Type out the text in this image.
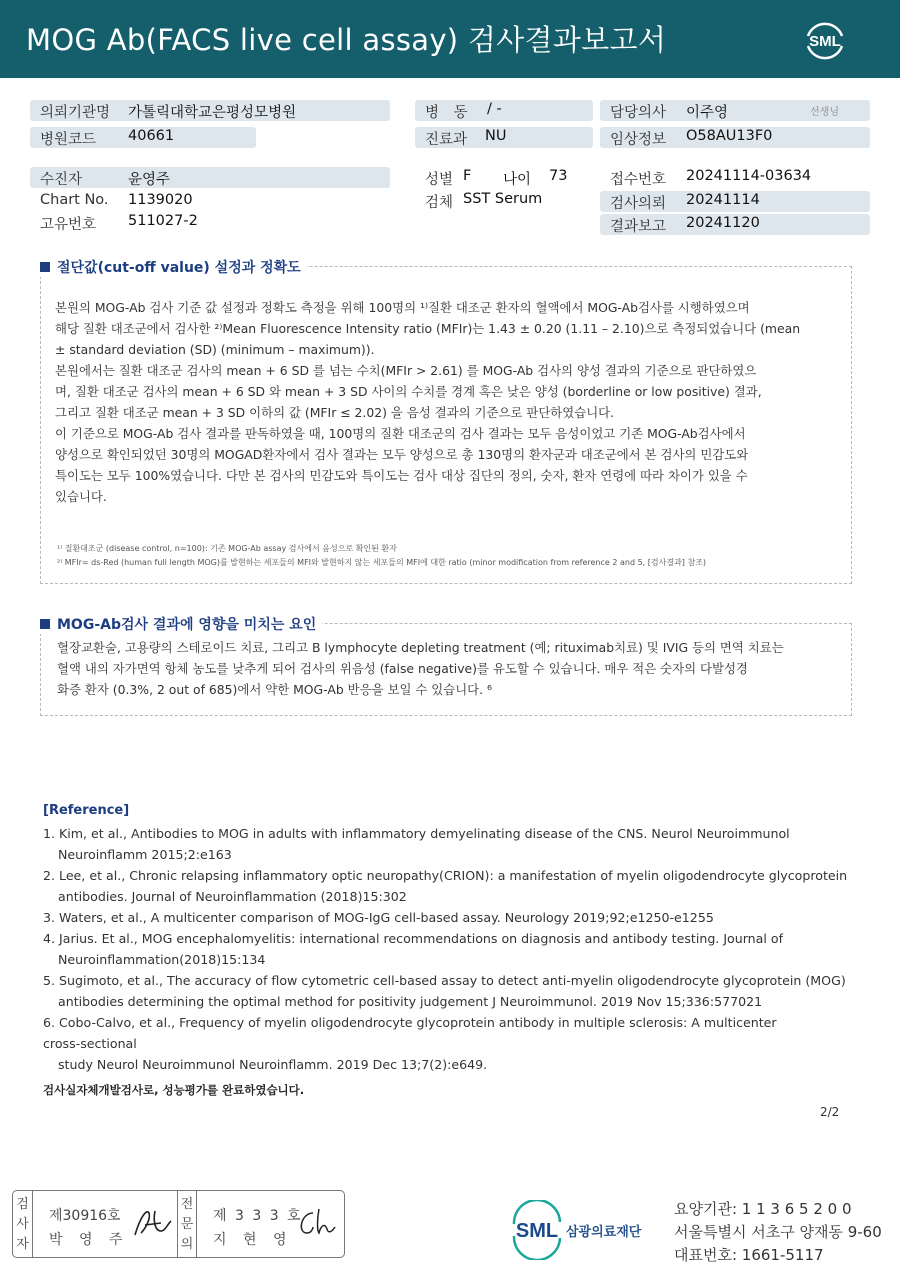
MOG Ab(FACS live cell assay) 검사결과보고서	SML
의뢰기관명 가톨릭대학교은평성모병원
병원코드 40661
병 동 / -
진료과 NU
담당의사 이주영	선생님
임상정보 O58AU13F0
수진자	윤영주
Chart No. 1139020
고유번호 511027-2
성별 F 나이 73
검체 SST Serum
접수번호 20241114-03634
검사의뢰 20241114
결과보고 20241120
절단값(cut-off value) 설정과 정확도

본원의 MOG-Ab 검사 기준 값 설정과 정확도 측정을 위해 100명의 ¹⁾질환 대조군 환자의 혈액에서 MOG-Ab검사를 시행하였으며

해당 질환 대조군에서 검사한 ²⁾Mean Fluorescence Intensity ratio (MFIr)는 1.43 ± 0.20 (1.11 – 2.10)으로 측정되었습니다 (mean

± standard deviation (SD) (minimum – maximum)).

본원에서는 질환 대조군 검사의 mean + 6 SD 를 넘는 수치(MFIr > 2.61) 를 MOG-Ab 검사의 양성 결과의 기준으로 판단하였으

며, 질환 대조군 검사의 mean + 6 SD 와 mean + 3 SD 사이의 수치를 경계 혹은 낮은 양성 (borderline or low positive) 결과,

그리고 질환 대조군 mean + 3 SD 이하의 값 (MFIr ≤ 2.02) 을 음성 결과의 기준으로 판단하였습니다.

이 기준으로 MOG-Ab 검사 결과를 판독하였을 때, 100명의 질환 대조군의 검사 결과는 모두 음성이었고 기존 MOG-Ab검사에서

양성으로 확인되었던 30명의 MOGAD환자에서 검사 결과는 모두 양성으로 총 130명의 환자군과 대조군에서 본 검사의 민감도와

특이도는 모두 100%였습니다. 다만 본 검사의 민감도와 특이도는 검사 대상 집단의 정의, 숫자, 환자 연령에 따라 차이가 있을 수

있습니다.

¹⁾ 질환대조군 (disease control, n=100): 기존 MOG-Ab assay 검사에서 음성으로 확인된 환자
²⁾ MFIr= ds-Red (human full length MOG)를 발현하는 세포들의 MFI와 발현하지 않는 세포들의 MFI에 대한 ratio (minor modification from reference 2 and 5, [검사결과] 참조)
MOG-Ab검사 결과에 영향을 미치는 요인

혈장교환술, 고용량의 스테로이드 치료, 그리고 B lymphocyte depleting treatment (예; rituximab치료) 및 IVIG 등의 면역 치료는

혈액 내의 자가면역 항체 농도를 낮추게 되어 검사의 위음성 (false negative)를 유도할 수 있습니다. 매우 적은 숫자의 다발성경

화증 환자 (0.3%, 2 out of 685)에서 약한 MOG-Ab 반응을 보일 수 있습니다. ⁶

[Reference]
1. Kim, et al., Antibodies to MOG in adults with inflammatory demyelinating disease of the CNS. Neurol Neuroimmunol
Neuroinflamm 2015;2:e163
2. Lee, et al., Chronic relapsing inflammatory optic neuropathy(CRION): a manifestation of myelin oligodendrocyte glycoprotein
antibodies. Journal of Neuroinflammation (2018)15:302
3. Waters, et al., A multicenter comparison of MOG-IgG cell-based assay. Neurology 2019;92;e1250-e1255
4. Jarius. Et al., MOG encephalomyelitis: international recommendations on diagnosis and antibody testing. Journal of
Neuroinflammation(2018)15:134
5. Sugimoto, et al., The accuracy of flow cytometric cell-based assay to detect anti-myelin oligodendrocyte glycoprotein (MOG)
antibodies determining the optimal method for positivity judgement J Neuroimmunol. 2019 Nov 15;336:577021
6. Cobo-Calvo, et al., Frequency of myelin oligodendrocyte glycoprotein antibody in multiple sclerosis: A multicenter
cross-sectional
study Neurol Neuroimmunol Neuroinflamm. 2019 Dec 13;7(2):e649.
검사실자체개발검사로, 성능평가를 완료하였습니다.
2/2
검사자
제30916호
박 영 주
전문의
제 3 3 3 호
지 현 영	SML 삼광의료재단
요양기관: 1 1 3 6 5 2 0 0
서울특별시 서초구 양재동 9-60
대표번호: 1661-5117
